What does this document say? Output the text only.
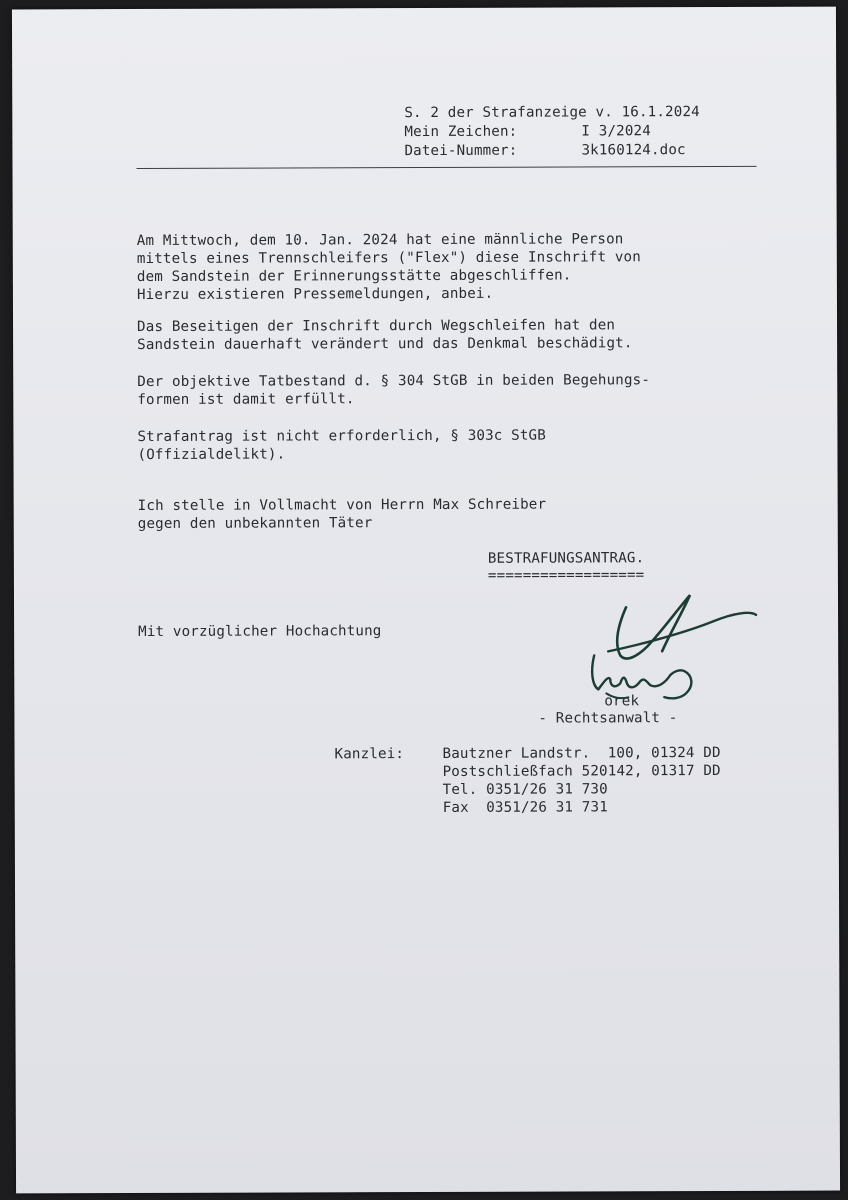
S. 2 der Strafanzeige v. 16.1.2024
Mein Zeichen:	I 3/2024
Datei-Nummer:	3k160124.doc
Am Mittwoch, dem 10. Jan. 2024 hat eine männliche Person
mittels eines Trennschleifers ("Flex") diese Inschrift von
dem Sandstein der Erinnerungsstätte abgeschliffen.
Hierzu existieren Pressemeldungen, anbei.
Das Beseitigen der Inschrift durch Wegschleifen hat den
Sandstein dauerhaft verändert und das Denkmal beschädigt.
Der objektive Tatbestand d. § 304 StGB in beiden Begehungs-
formen ist damit erfüllt.
Strafantrag ist nicht erforderlich, § 303c StGB
(Offizialdelikt).
Ich stelle in Vollmacht von Herrn Max Schreiber
gegen den unbekannten Täter
BESTRAFUNGSANTRAG.
==================
Mit vorzüglicher Hochachtung
orek
- Rechtsanwalt -
Kanzlei:	Bautzner Landstr.  100, 01324 DD
Postschließfach 520142, 01317 DD
Tel. 0351/26 31 730
Fax  0351/26 31 731
